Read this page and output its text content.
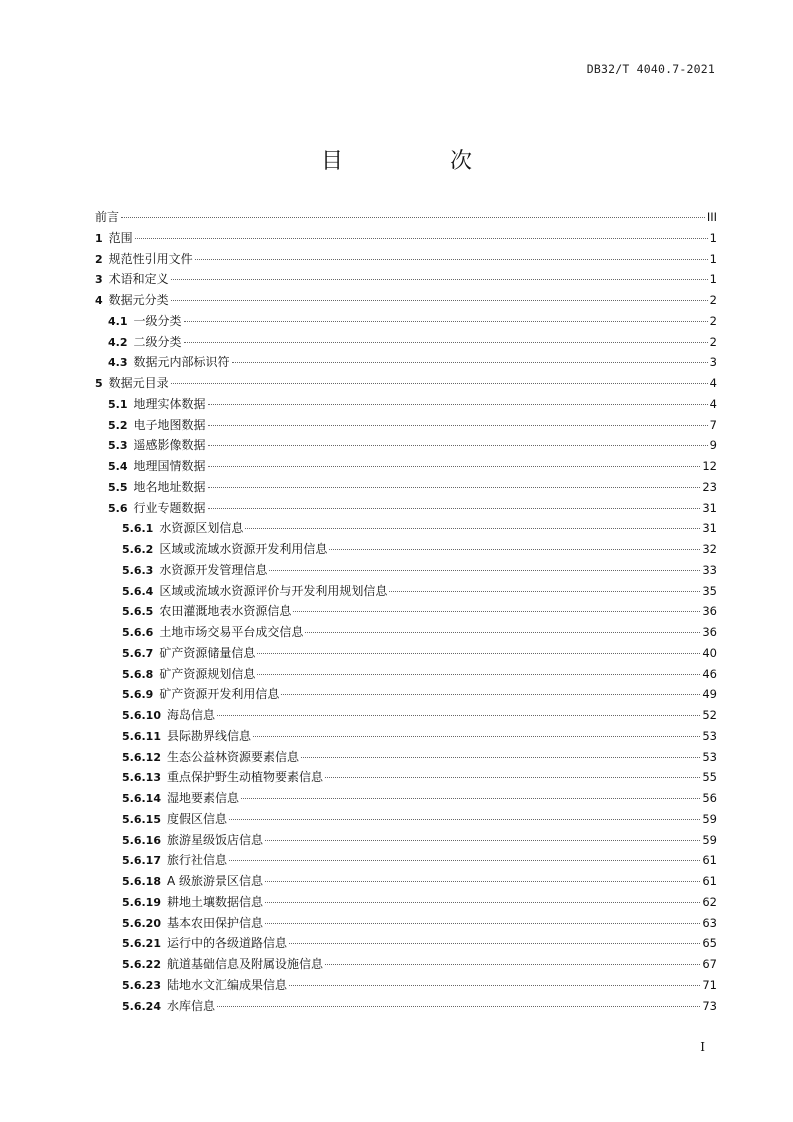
DB32/T 4040.7-2021
目 次
前言	III
1 范围	1
2 规范性引用文件	1
3 术语和定义	1
4 数据元分类	2
4.1 一级分类	2
4.2 二级分类	2
4.3 数据元内部标识符	3
5 数据元目录	4
5.1 地理实体数据	4
5.2 电子地图数据	7
5.3 遥感影像数据	9
5.4 地理国情数据	12
5.5 地名地址数据	23
5.6 行业专题数据	31
5.6.1 水资源区划信息	31
5.6.2 区域或流域水资源开发利用信息	32
5.6.3 水资源开发管理信息	33
5.6.4 区域或流域水资源评价与开发利用规划信息	35
5.6.5 农田灌溉地表水资源信息	36
5.6.6 土地市场交易平台成交信息	36
5.6.7 矿产资源储量信息	40
5.6.8 矿产资源规划信息	46
5.6.9 矿产资源开发利用信息	49
5.6.10 海岛信息	52
5.6.11 县际勘界线信息	53
5.6.12 生态公益林资源要素信息	53
5.6.13 重点保护野生动植物要素信息	55
5.6.14 湿地要素信息	56
5.6.15 度假区信息	59
5.6.16 旅游星级饭店信息	59
5.6.17 旅行社信息	61
5.6.18 A 级旅游景区信息	61
5.6.19 耕地土壤数据信息	62
5.6.20 基本农田保护信息	63
5.6.21 运行中的各级道路信息	65
5.6.22 航道基础信息及附属设施信息	67
5.6.23 陆地水文汇编成果信息	71
5.6.24 水库信息	73
I
